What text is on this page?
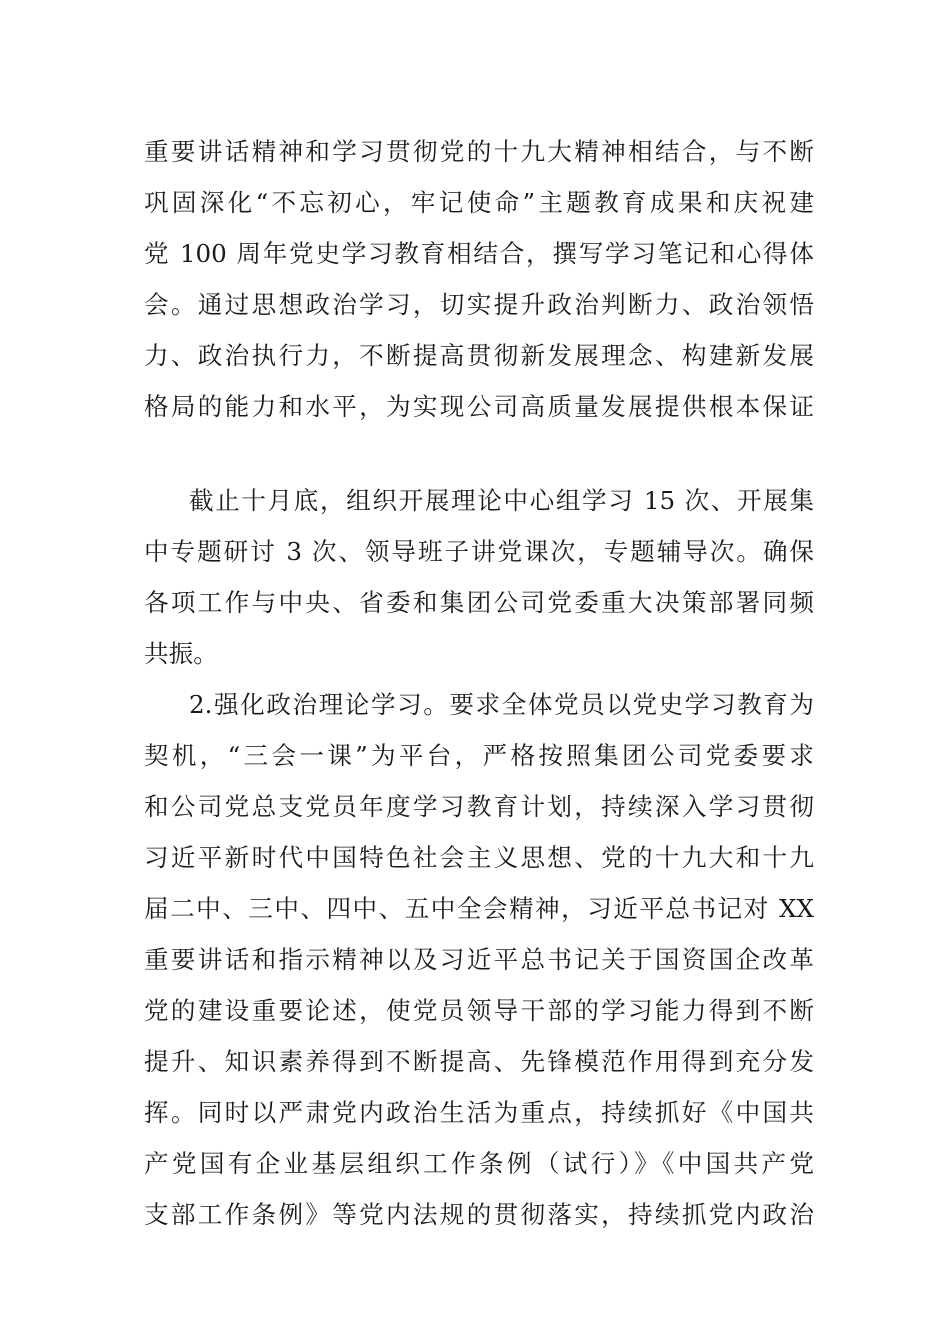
重要讲话精神和学习贯彻党的十九大精神相结合，与不断
巩固深化“不忘初心，牢记使命”主题教育成果和庆祝建
党 100 周年党史学习教育相结合，撰写学习笔记和心得体
会。通过思想政治学习，切实提升政治判断力、政治领悟
力、政治执行力，不断提高贯彻新发展理念、构建新发展
格局的能力和水平，为实现公司高质量发展提供根本保证
截止十月底，组织开展理论中心组学习 15 次、开展集
中专题研讨 3 次、领导班子讲党课次，专题辅导次。确保
各项工作与中央、省委和集团公司党委重大决策部署同频
共振。
2.强化政治理论学习。要求全体党员以党史学习教育为
契机，“三会一课”为平台，严格按照集团公司党委要求
和公司党总支党员年度学习教育计划，持续深入学习贯彻
习近平新时代中国特色社会主义思想、党的十九大和十九
届二中、三中、四中、五中全会精神，习近平总书记对 XX
重要讲话和指示精神以及习近平总书记关于国资国企改革
党的建设重要论述，使党员领导干部的学习能力得到不断
提升、知识素养得到不断提高、先锋模范作用得到充分发
挥。同时以严肃党内政治生活为重点，持续抓好《中国共
产党国有企业基层组织工作条例（试行）》《中国共产党
支部工作条例》等党内法规的贯彻落实，持续抓党内政治
